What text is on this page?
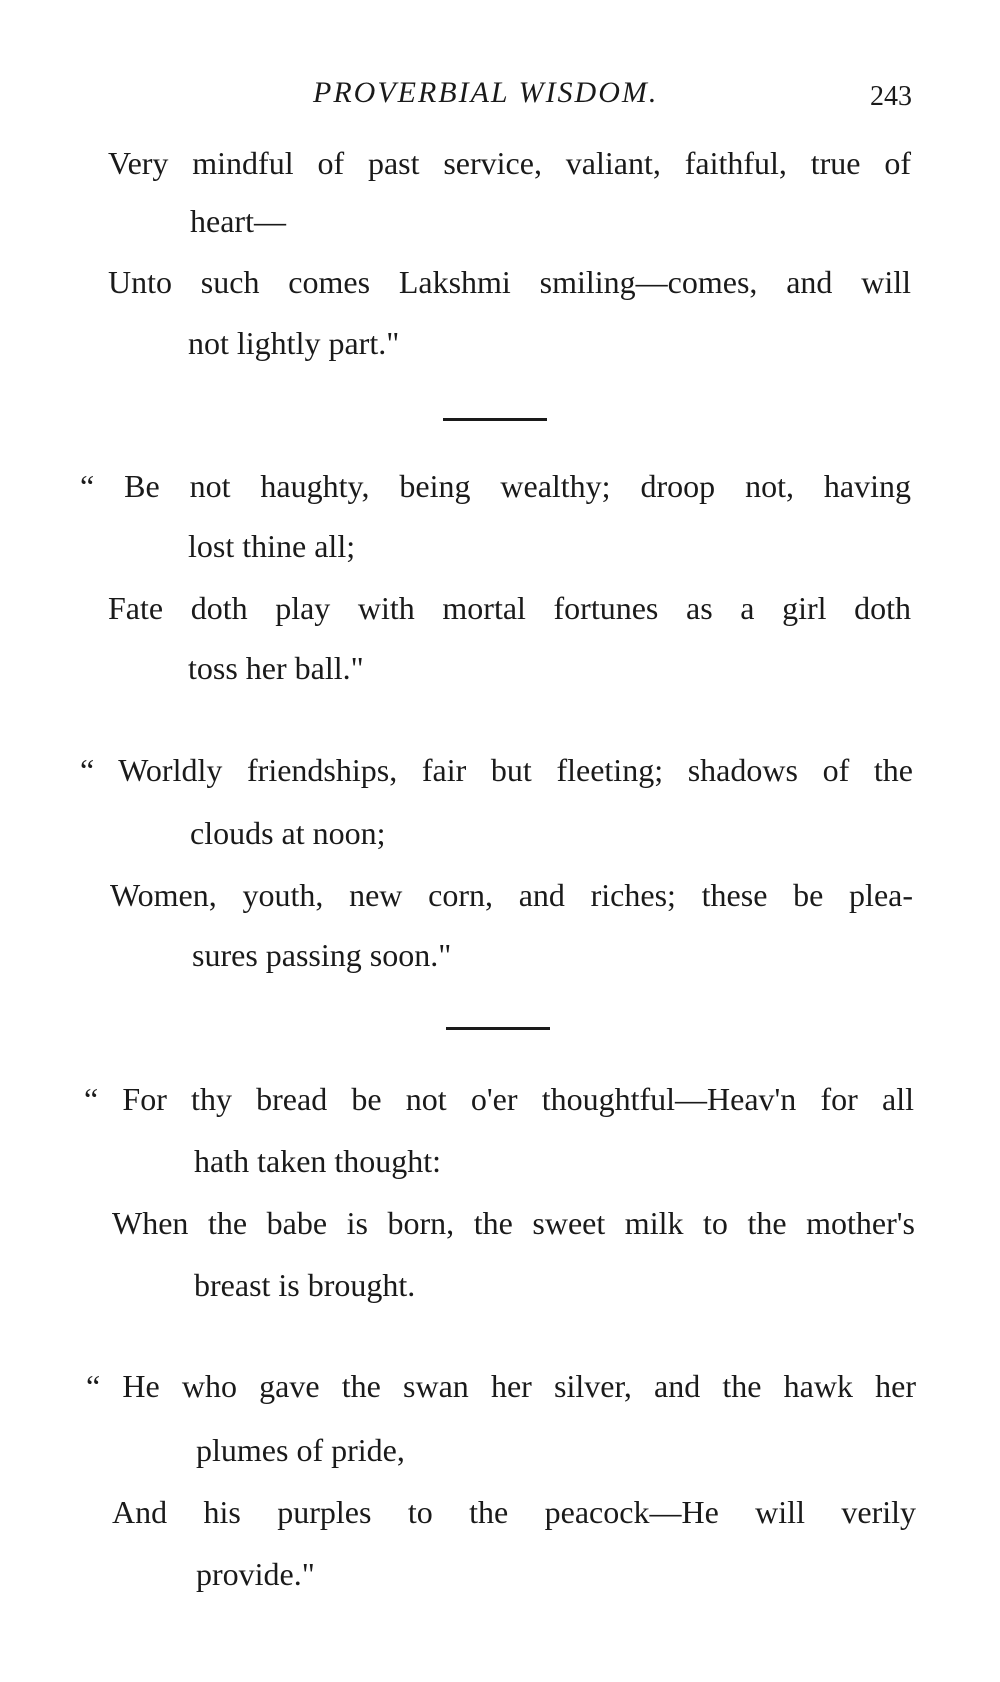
PROVERBIAL WISDOM.	243
Very mindful of past service, valiant, faithful, true of
heart—
Unto such comes Lakshmi smiling—comes, and will
not lightly part."
“ Be not haughty, being wealthy; droop not, having
lost thine all;
Fate doth play with mortal fortunes as a girl doth
toss her ball."
“ Worldly friendships, fair but fleeting; shadows of the
clouds at noon;
Women, youth, new corn, and riches; these be plea-
sures passing soon."
“ For thy bread be not o'er thoughtful—Heav'n for all
hath taken thought:
When the babe is born, the sweet milk to the mother's
breast is brought.
“ He who gave the swan her silver, and the hawk her
plumes of pride,
And his purples to the peacock—He will verily
provide."
